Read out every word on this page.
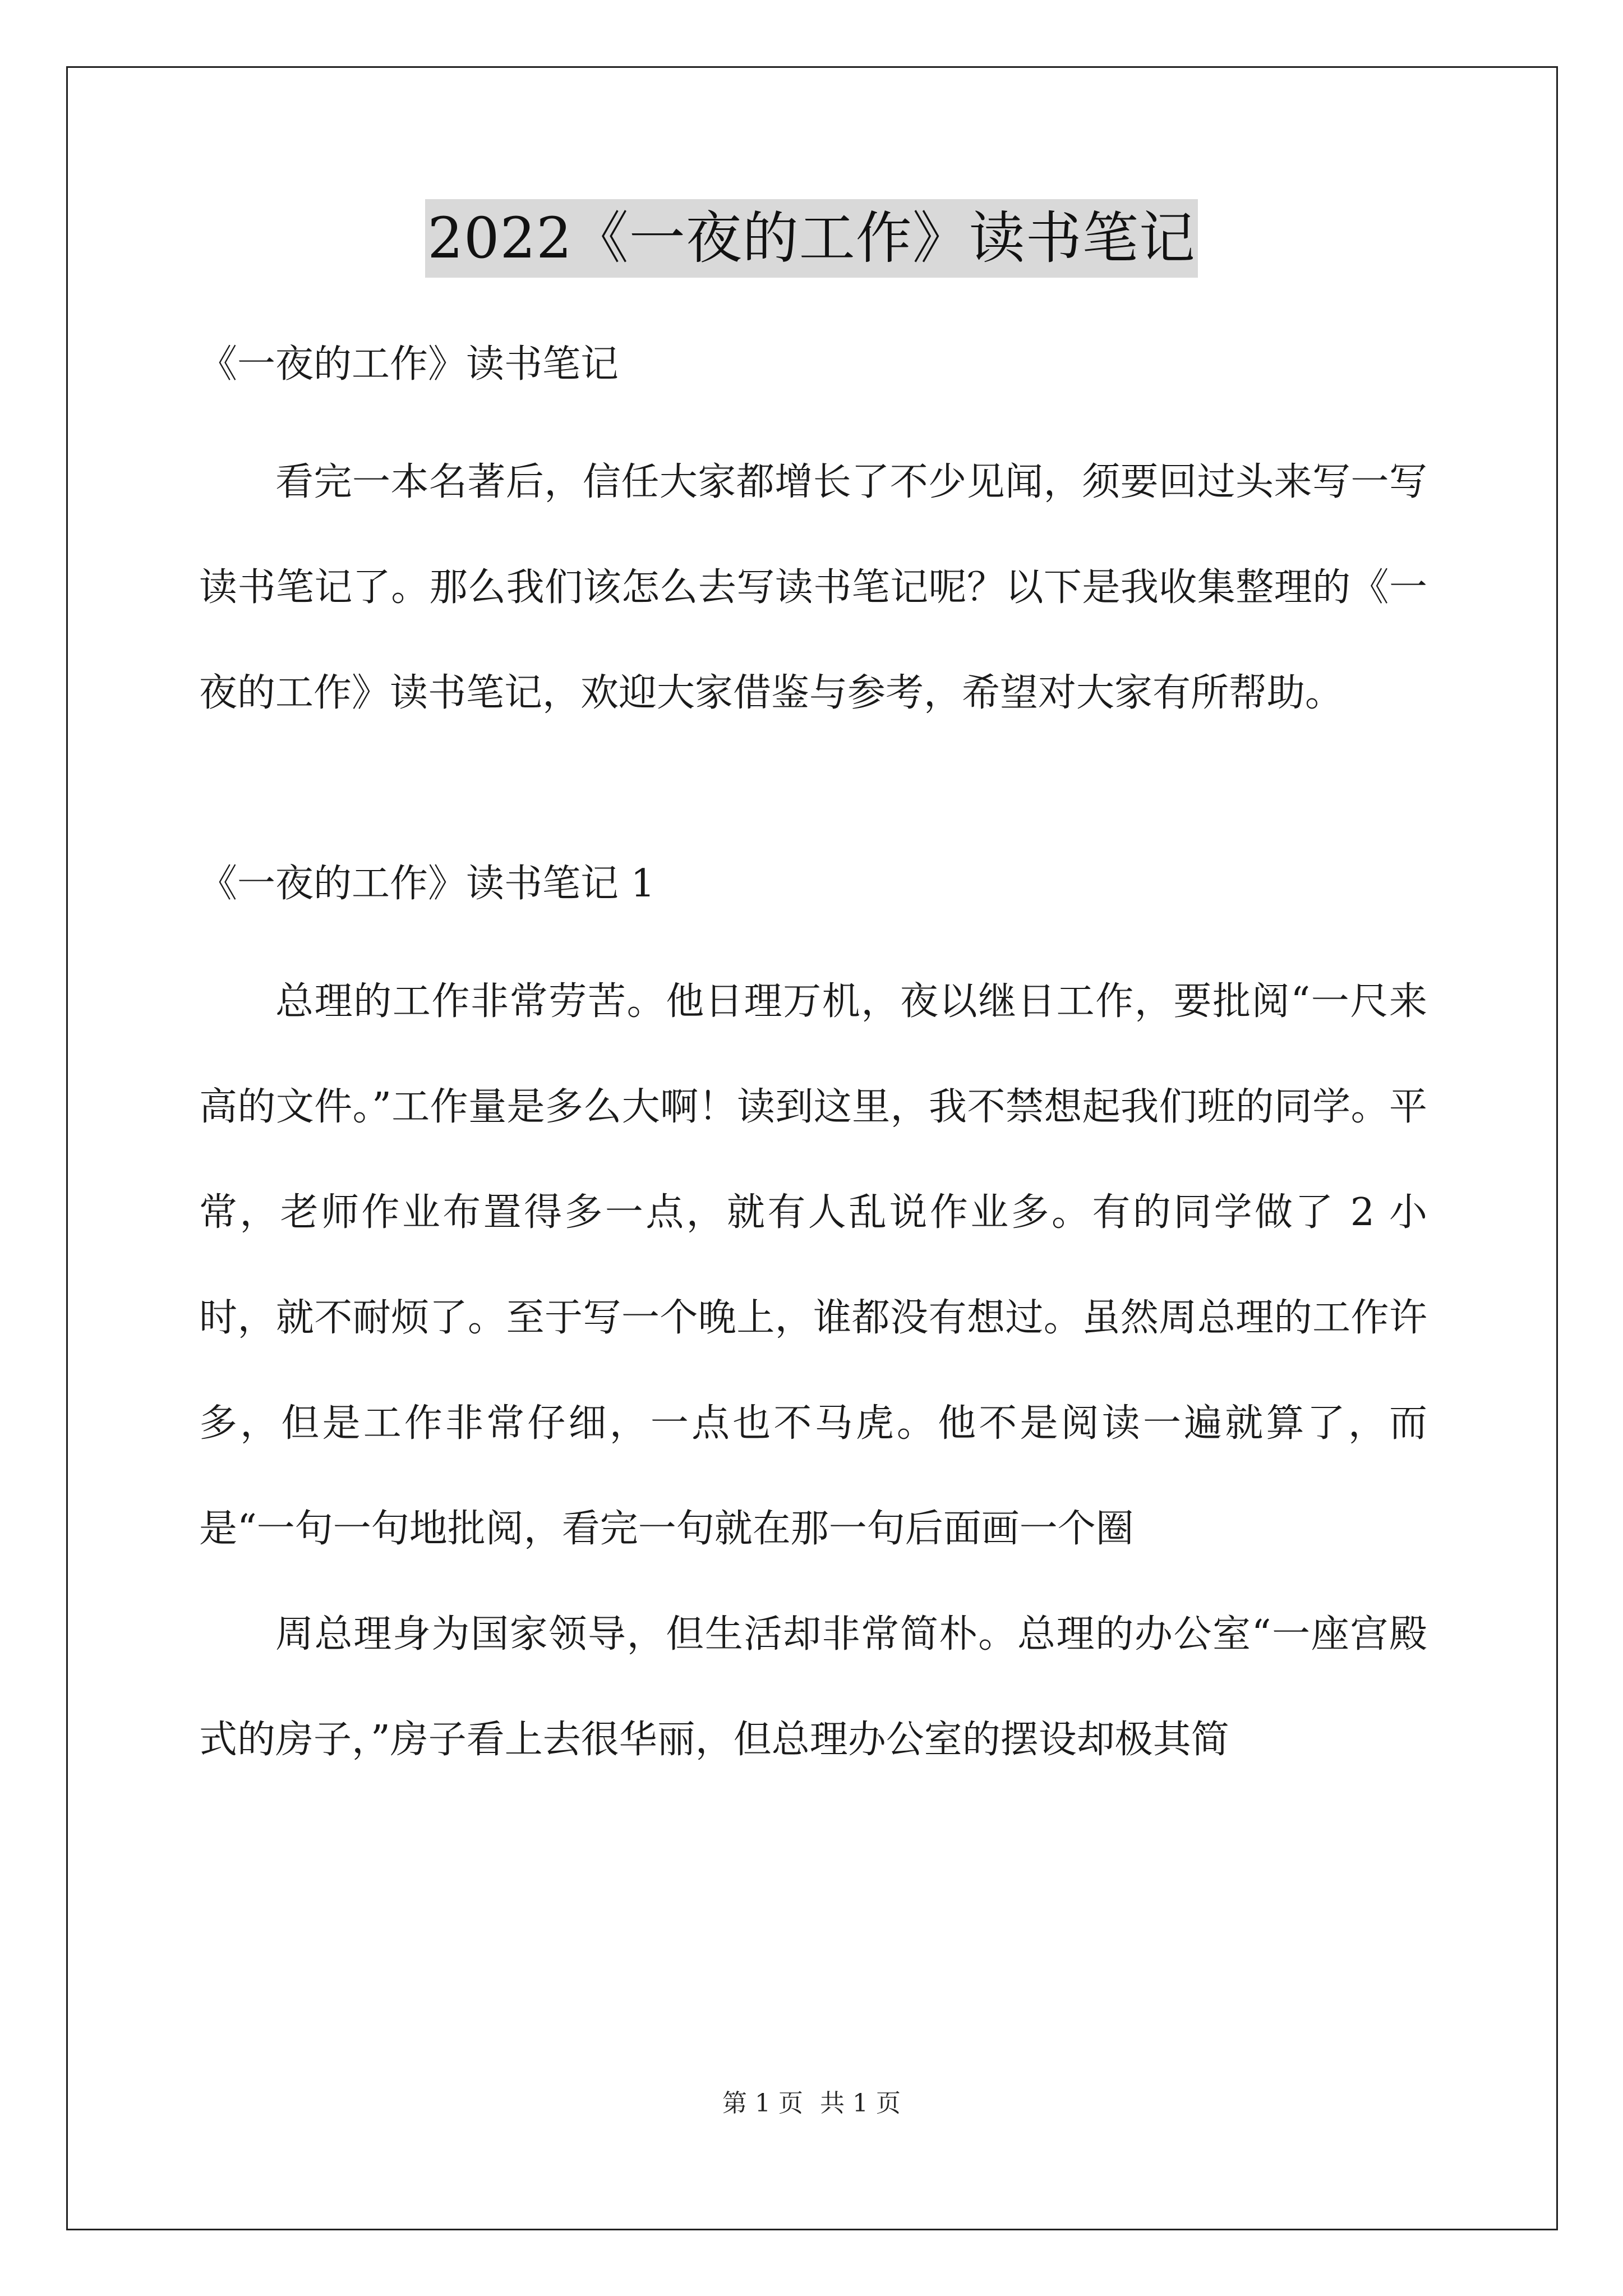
2022《一夜的工作》读书笔记

《一夜的工作》读书笔记

看完一本名著后，信任大家都增长了不少见闻，须要回过头来写一写读书笔记了。那么我们该怎么去写读书笔记呢？以下是我收集整理的《一夜的工作》读书笔记，欢迎大家借鉴与参考，希望对大家有所帮助。

《一夜的工作》读书笔记 1

总理的工作非常劳苦。他日理万机，夜以继日工作，要批阅“一尺来高的文件。”工作量是多么大啊！读到这里，我不禁想起我们班的同学。平常，老师作业布置得多一点，就有人乱说作业多。有的同学做了 2 小时，就不耐烦了。至于写一个晚上，谁都没有想过。虽然周总理的工作许多，但是工作非常仔细，一点也不马虎。他不是阅读一遍就算了，而是“一句一句地批阅，看完一句就在那一句后面画一个圈

周总理身为国家领导，但生活却非常简朴。总理的办公室“一座宫殿式的房子，”房子看上去很华丽，但总理办公室的摆设却极其简

第 1 页 共 1 页
